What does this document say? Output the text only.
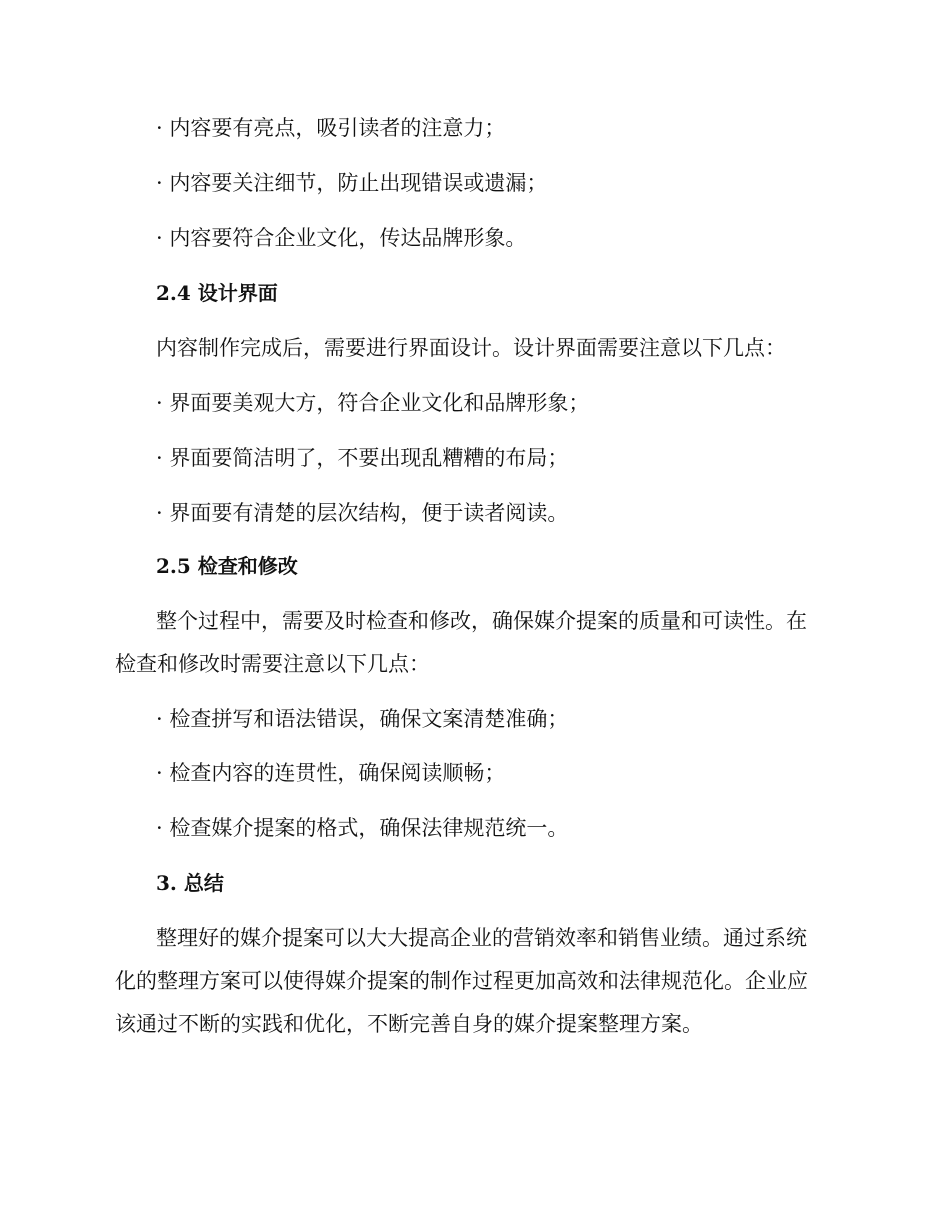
· 内容要有亮点，吸引读者的注意力；
· 内容要关注细节，防止出现错误或遗漏；
· 内容要符合企业文化，传达品牌形象。
2.4 设计界面
内容制作完成后，需要进行界面设计。设计界面需要注意以下几点：
· 界面要美观大方，符合企业文化和品牌形象；
· 界面要简洁明了，不要出现乱糟糟的布局；
· 界面要有清楚的层次结构，便于读者阅读。
2.5 检查和修改
整个过程中，需要及时检查和修改，确保媒介提案的质量和可读性。在
检查和修改时需要注意以下几点：
· 检查拼写和语法错误，确保文案清楚准确；
· 检查内容的连贯性，确保阅读顺畅；
· 检查媒介提案的格式，确保法律规范统一。
3. 总结
整理好的媒介提案可以大大提高企业的营销效率和销售业绩。通过系统
化的整理方案可以使得媒介提案的制作过程更加高效和法律规范化。企业应
该通过不断的实践和优化，不断完善自身的媒介提案整理方案。
